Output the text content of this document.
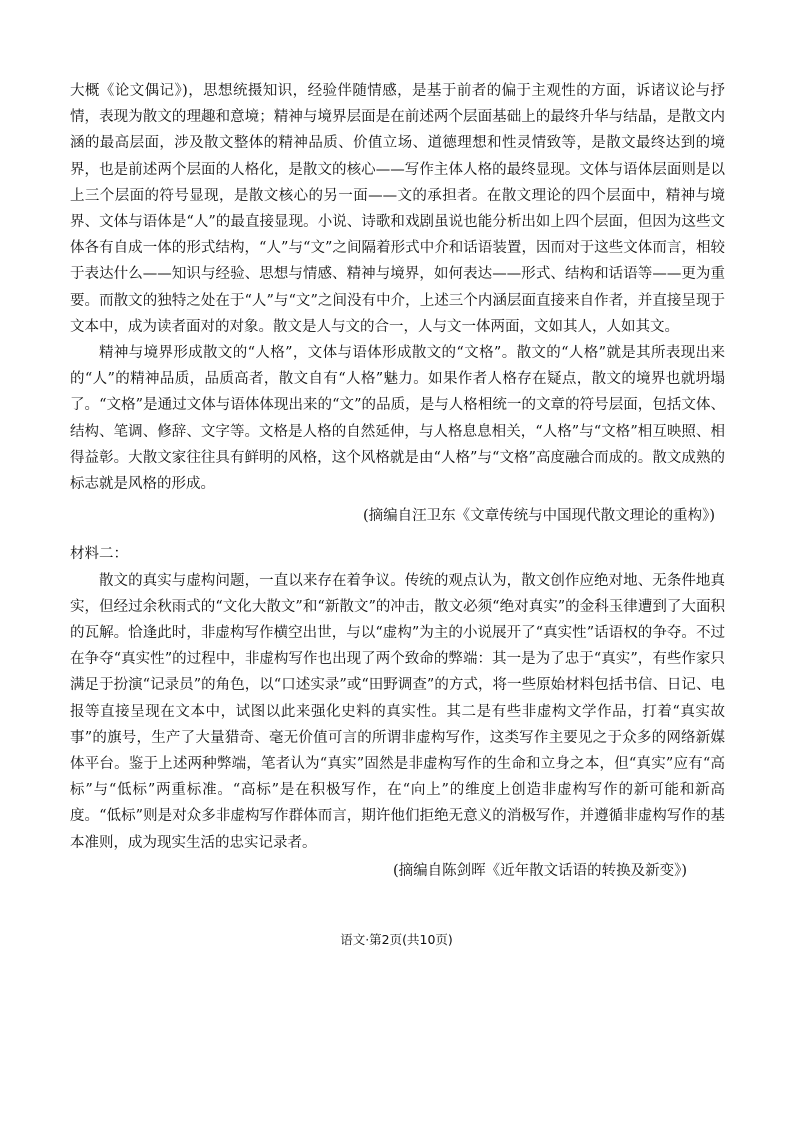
大概《论文偶记》)，思想统摄知识，经验伴随情感，是基于前者的偏于主观性的方面，诉诸议论与抒情，表现为散文的理趣和意境；精神与境界层面是在前述两个层面基础上的最终升华与结晶，是散文内涵的最高层面，涉及散文整体的精神品质、价值立场、道德理想和性灵情致等，是散文最终达到的境界，也是前述两个层面的人格化，是散文的核心——写作主体人格的最终显现。文体与语体层面则是以上三个层面的符号显现，是散文核心的另一面——文的承担者。在散文理论的四个层面中，精神与境界、文体与语体是“人”的最直接显现。小说、诗歌和戏剧虽说也能分析出如上四个层面，但因为这些文体各有自成一体的形式结构，“人”与“文”之间隔着形式中介和话语装置，因而对于这些文体而言，相较于表达什么——知识与经验、思想与情感、精神与境界，如何表达——形式、结构和话语等——更为重要。而散文的独特之处在于“人”与“文”之间没有中介，上述三个内涵层面直接来自作者，并直接呈现于文本中，成为读者面对的对象。散文是人与文的合一，人与文一体两面，文如其人，人如其文。

精神与境界形成散文的“人格”，文体与语体形成散文的“文格”。散文的“人格”就是其所表现出来的“人”的精神品质，品质高者，散文自有“人格”魅力。如果作者人格存在疑点，散文的境界也就坍塌了。“文格”是通过文体与语体体现出来的“文”的品质，是与人格相统一的文章的符号层面，包括文体、结构、笔调、修辞、文字等。文格是人格的自然延伸，与人格息息相关，“人格”与“文格”相互映照、相得益彰。大散文家往往具有鲜明的风格，这个风格就是由“人格”与“文格”高度融合而成的。散文成熟的标志就是风格的形成。

(摘编自汪卫东《文章传统与中国现代散文理论的重构》)

材料二：

散文的真实与虚构问题，一直以来存在着争议。传统的观点认为，散文创作应绝对地、无条件地真实，但经过余秋雨式的“文化大散文”和“新散文”的冲击，散文必须“绝对真实”的金科玉律遭到了大面积的瓦解。恰逢此时，非虚构写作横空出世，与以“虚构”为主的小说展开了“真实性”话语权的争夺。不过在争夺“真实性”的过程中，非虚构写作也出现了两个致命的弊端：其一是为了忠于“真实”，有些作家只满足于扮演“记录员”的角色，以“口述实录”或“田野调查”的方式，将一些原始材料包括书信、日记、电报等直接呈现在文本中，试图以此来强化史料的真实性。其二是有些非虚构文学作品，打着“真实故事”的旗号，生产了大量猎奇、毫无价值可言的所谓非虚构写作，这类写作主要见之于众多的网络新媒体平台。鉴于上述两种弊端，笔者认为“真实”固然是非虚构写作的生命和立身之本，但“真实”应有“高标”与“低标”两重标准。“高标”是在积极写作，在“向上”的维度上创造非虚构写作的新可能和新高度。“低标”则是对众多非虚构写作群体而言，期许他们拒绝无意义的消极写作，并遵循非虚构写作的基本准则，成为现实生活的忠实记录者。

(摘编自陈剑晖《近年散文话语的转换及新变》)

语文·第2页(共10页)
